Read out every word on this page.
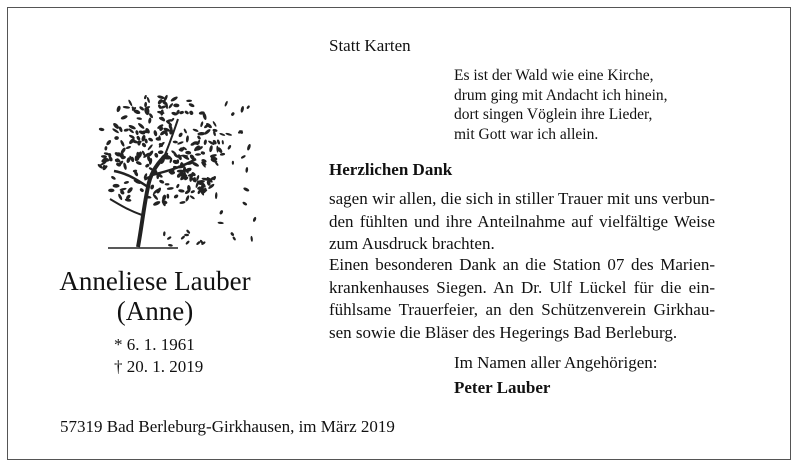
Statt Karten
Es ist der Wald wie eine Kirche,
drum ging mit Andacht ich hinein,
dort singen Vöglein ihre Lieder,
mit Gott war ich allein.
Herzlichen Dank
sagen wir allen, die sich in stiller Trauer mit uns verbun-
den fühlten und ihre Anteilnahme auf vielfältige Weise
zum Ausdruck brachten.
Einen besonderen Dank an die Station 07 des Marien-
krankenhauses Siegen. An Dr. Ulf Lückel für die ein-
fühlsame Trauerfeier, an den Schützenverein Girkhau-
sen sowie die Bläser des Hegerings Bad Berleburg.
Im Namen aller Angehörigen:
Peter Lauber
Anneliese Lauber
(Anne)
* 6. 1. 1961
† 20. 1. 2019
57319 Bad Berleburg-Girkhausen, im März 2019
